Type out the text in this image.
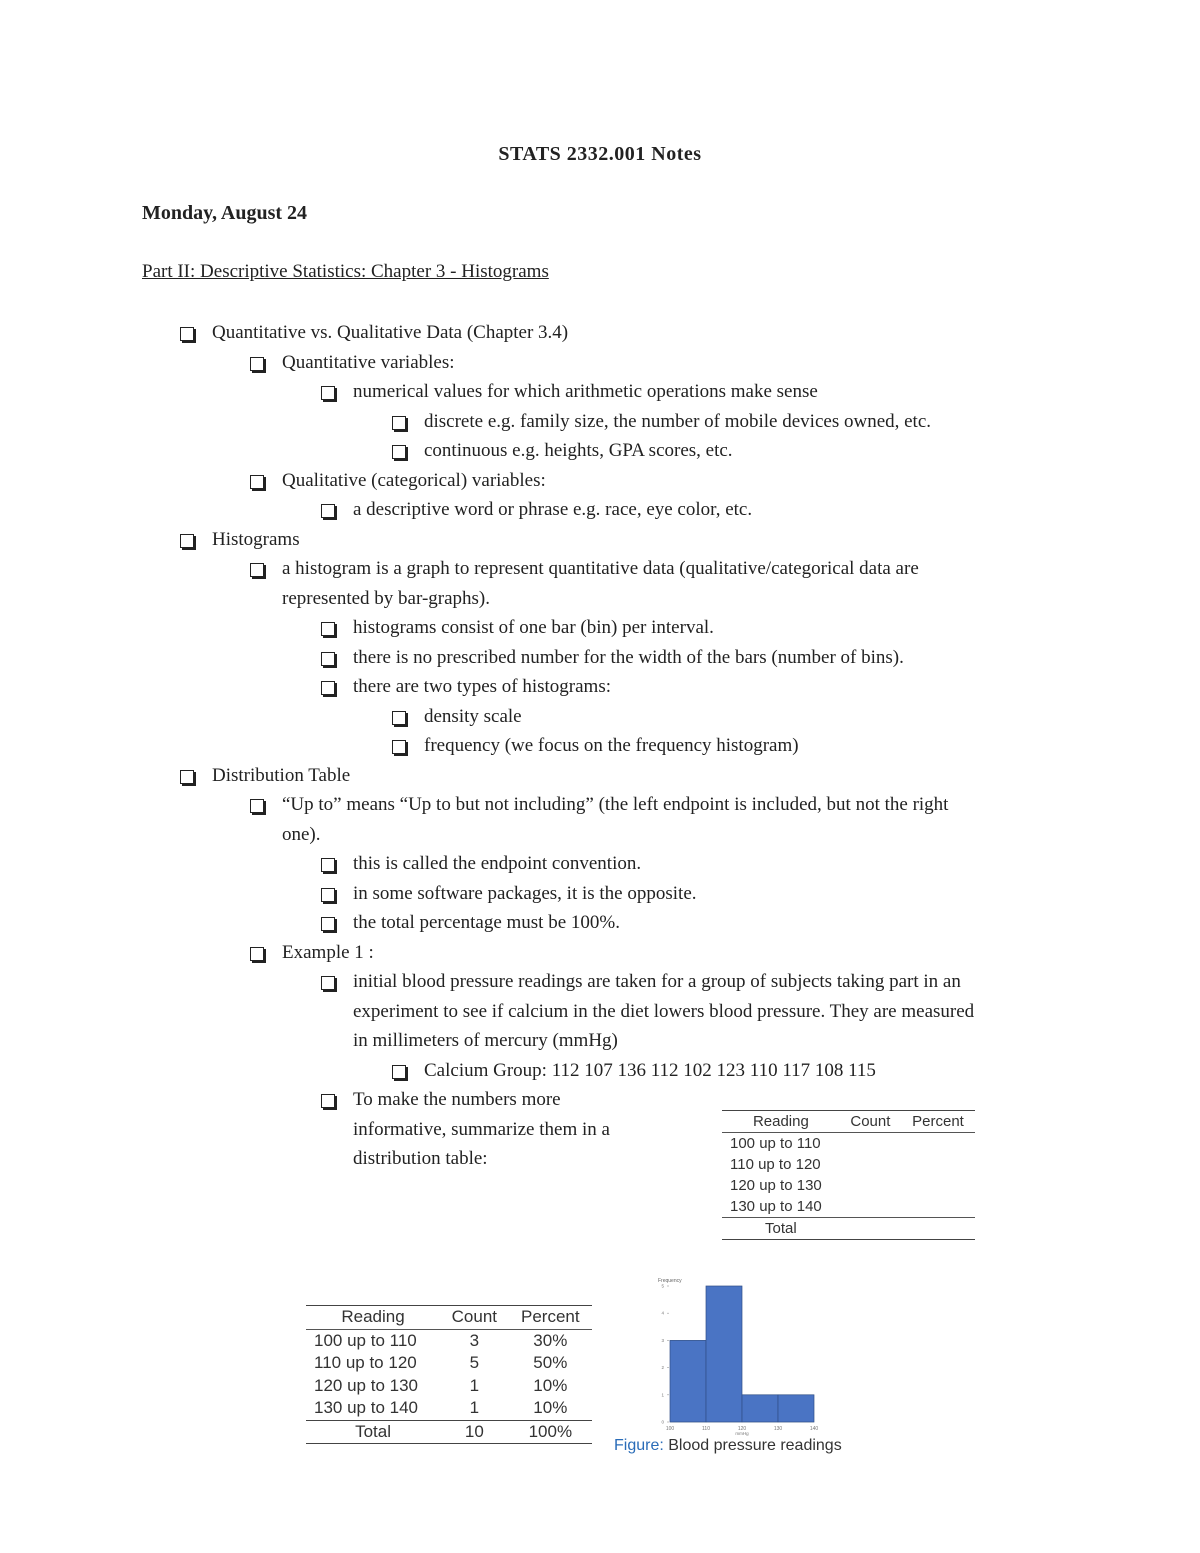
STATS 2332.001 Notes
Monday, August 24
Part II: Descriptive Statistics: Chapter 3 - Histograms
Quantitative vs. Qualitative Data (Chapter 3.4)
Quantitative variables:
numerical values for which arithmetic operations make sense
discrete e.g. family size, the number of mobile devices owned, etc.
continuous e.g. heights, GPA scores, etc.
Qualitative (categorical) variables:
a descriptive word or phrase e.g. race, eye color, etc.
Histograms
a histogram is a graph to represent quantitative data (qualitative/categorical data are
represented by bar-graphs).
histograms consist of one bar (bin) per interval.
there is no prescribed number for the width of the bars (number of bins).
there are two types of histograms:
density scale
frequency (we focus on the frequency histogram)
Distribution Table
“Up to” means “Up to but not including” (the left endpoint is included, but not the right
one).
this is called the endpoint convention.
in some software packages, it is the opposite.
the total percentage must be 100%.
Example 1 :
initial blood pressure readings are taken for a group of subjects taking part in an
experiment to see if calcium in the diet lowers blood pressure. They are measured
in millimeters of mercury (mmHg)
Calcium Group: 112 107 136 112 102 123 110 117 108 115
To make the numbers more
informative, summarize them in a
distribution table:
Reading	Count	Percent
100 up to 110		
110 up to 120		
120 up to 130		
130 up to 140		
Total		
Reading	Count	Percent
100 up to 110	3	30%
110 up to 120	5	50%
120 up to 130	1	10%
130 up to 140	1	10%
Total	10	100%
Frequency
0
1
2
3
4
5
100	110	120	130	140
mmHg
Figure: Blood pressure readings
